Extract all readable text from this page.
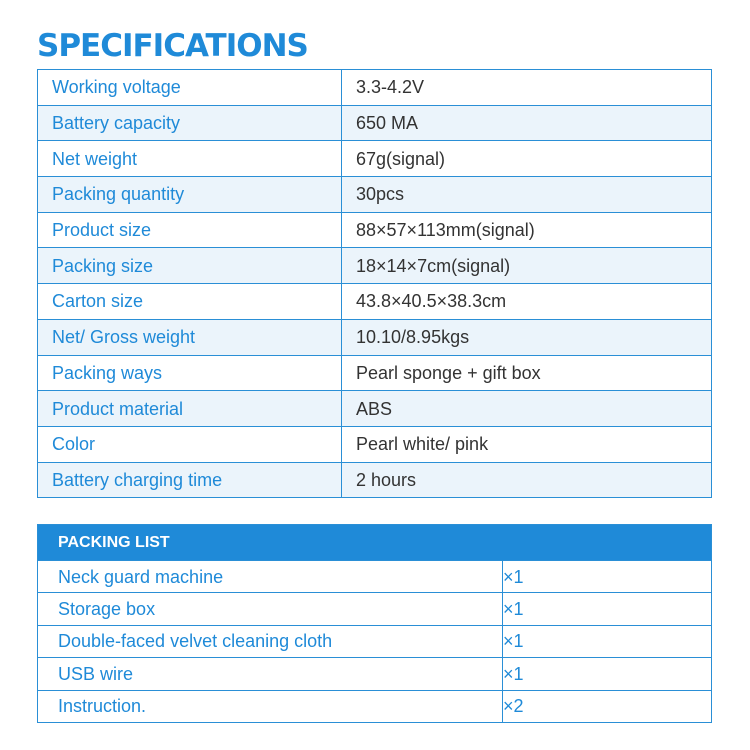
SPECIFICATIONS
Working voltage	3.3-4.2V
Battery capacity	650 MA
Net weight	67g(signal)
Packing quantity	30pcs
Product size	88×57×113mm(signal)
Packing size	18×14×7cm(signal)
Carton size	43.8×40.5×38.3cm
Net/ Gross weight	10.10/8.95kgs
Packing ways	Pearl sponge + gift box
Product material	ABS
Color	Pearl white/ pink
Battery charging time	2 hours
PACKING LIST	
Neck guard machine	×1
Storage box	×1
Double-faced velvet cleaning cloth	×1
USB wire	×1
Instruction.	×2
